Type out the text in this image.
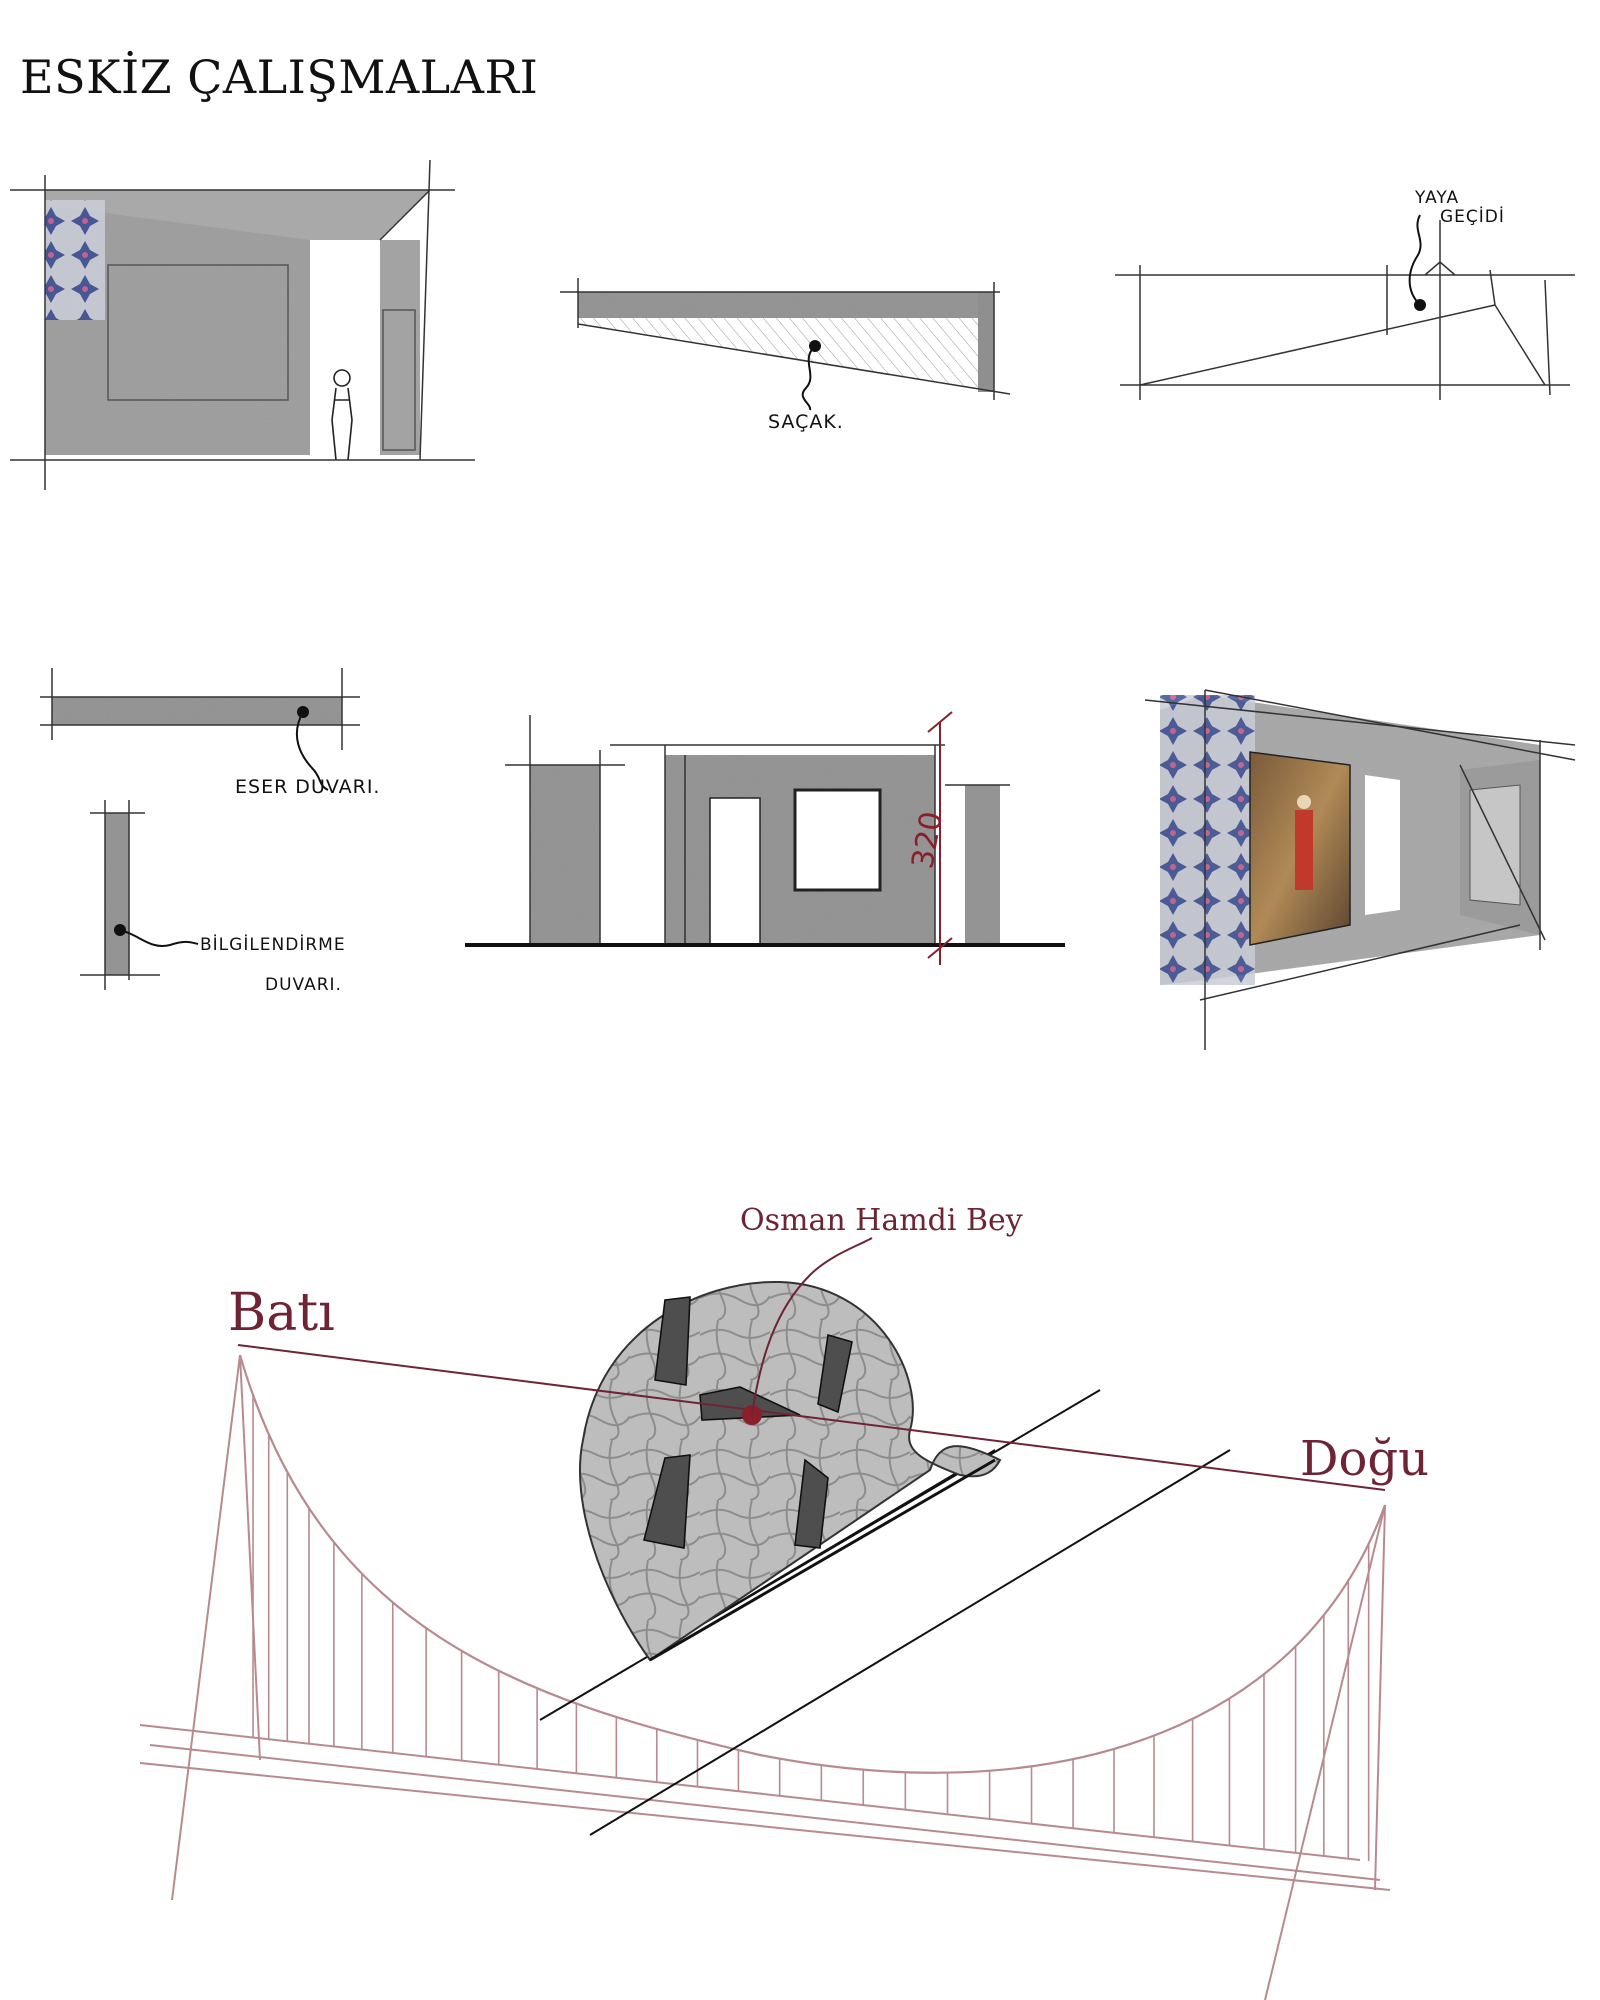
ESKİZ ÇALIŞMALARI
SAÇAK.
YAYA
GEÇİDİ
ESER DUVARI.
BİLGİLENDİRME
DUVARI.
320
Osman Hamdi Bey
Batı
Doğu
